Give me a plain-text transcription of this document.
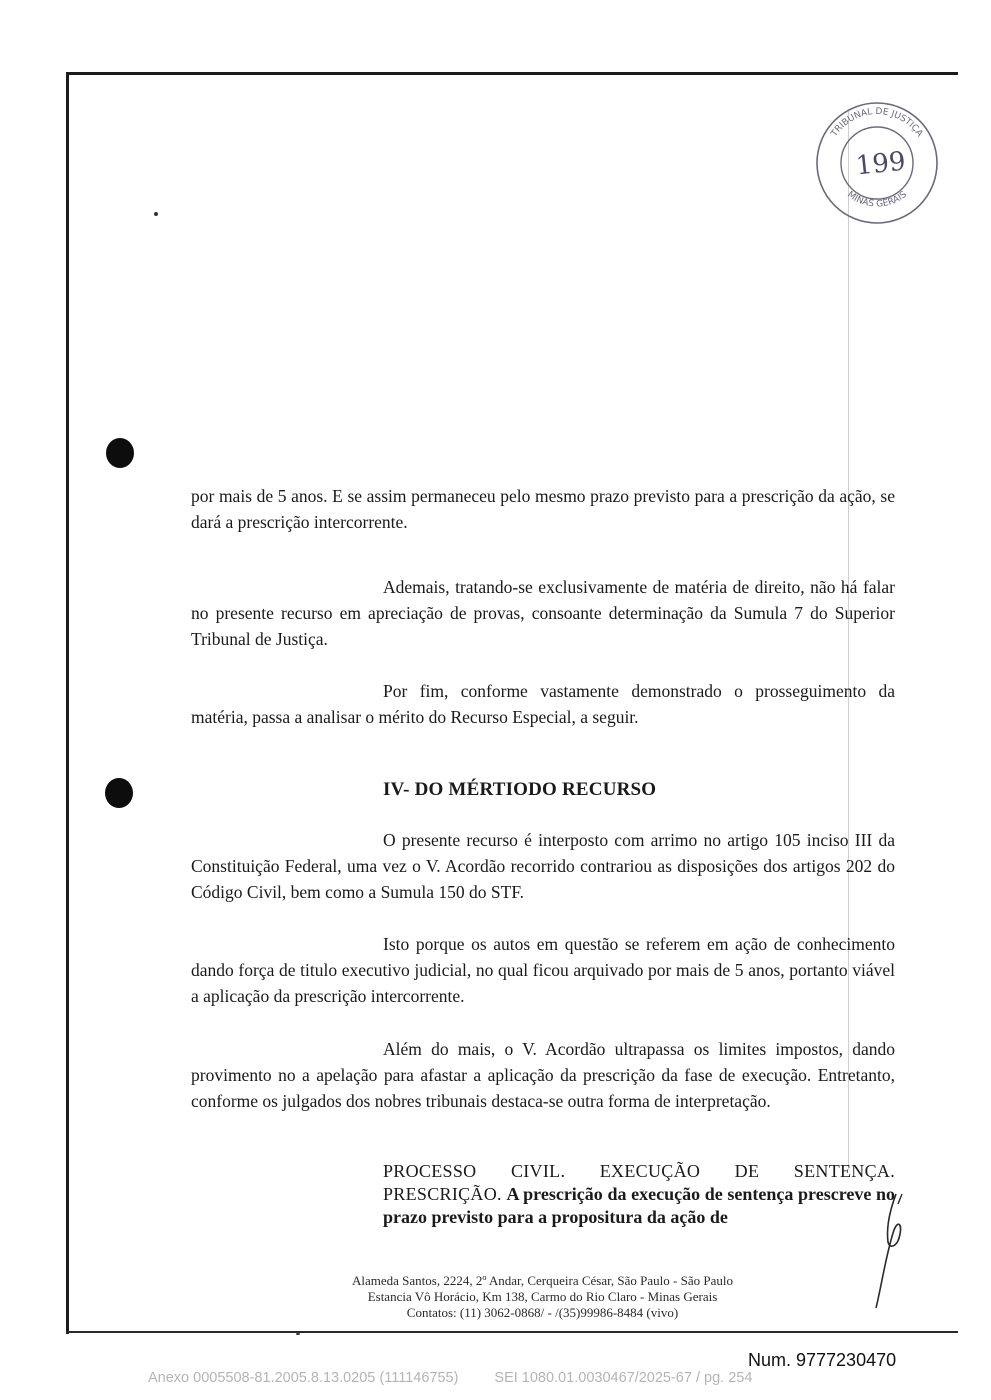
TRIBUNAL DE JUSTIÇA
MINAS GERAIS
199

por mais de 5 anos. E se assim permaneceu pelo mesmo prazo previsto para a prescrição da ação, se dará a prescrição intercorrente.

Ademais, tratando-se exclusivamente de matéria de direito, não há falar no presente recurso em apreciação de provas, consoante determinação da Sumula 7 do Superior Tribunal de Justiça.

Por fim, conforme vastamente demonstrado o prosseguimento da matéria, passa a analisar o mérito do Recurso Especial, a seguir.

IV- DO MÉRTIODO RECURSO

O presente recurso é interposto com arrimo no artigo 105 inciso III da Constituição Federal, uma vez o V. Acordão recorrido contrariou as disposições dos artigos 202 do Código Civil, bem como a Sumula 150 do STF.

Isto porque os autos em questão se referem em ação de conhecimento dando força de titulo executivo judicial, no qual ficou arquivado por mais de 5 anos, portanto viável a aplicação da prescrição intercorrente.

Além do mais, o V. Acordão ultrapassa os limites impostos, dando provimento no a apelação para afastar a aplicação da prescrição da fase de execução. Entretanto, conforme os julgados dos nobres tribunais destaca-se outra forma de interpretação.

PROCESSO CIVIL. EXECUÇÃO DE SENTENÇA. PRESCRIÇÃO. A prescrição da execução de sentença prescreve no prazo previsto para a propositura da ação de
Alameda Santos, 2224, 2º Andar, Cerqueira César, São Paulo - São Paulo
Estancia Vô Horácio, Km 138, Carmo do Rio Claro - Minas Gerais
Contatos: (11) 3062-0868/ - /(35)99986-8484 (vivo)
Num. 9777230470
Anexo 0005508-81.2005.8.13.0205 (111146755) SEI 1080.01.0030467/2025-67 / pg. 254
